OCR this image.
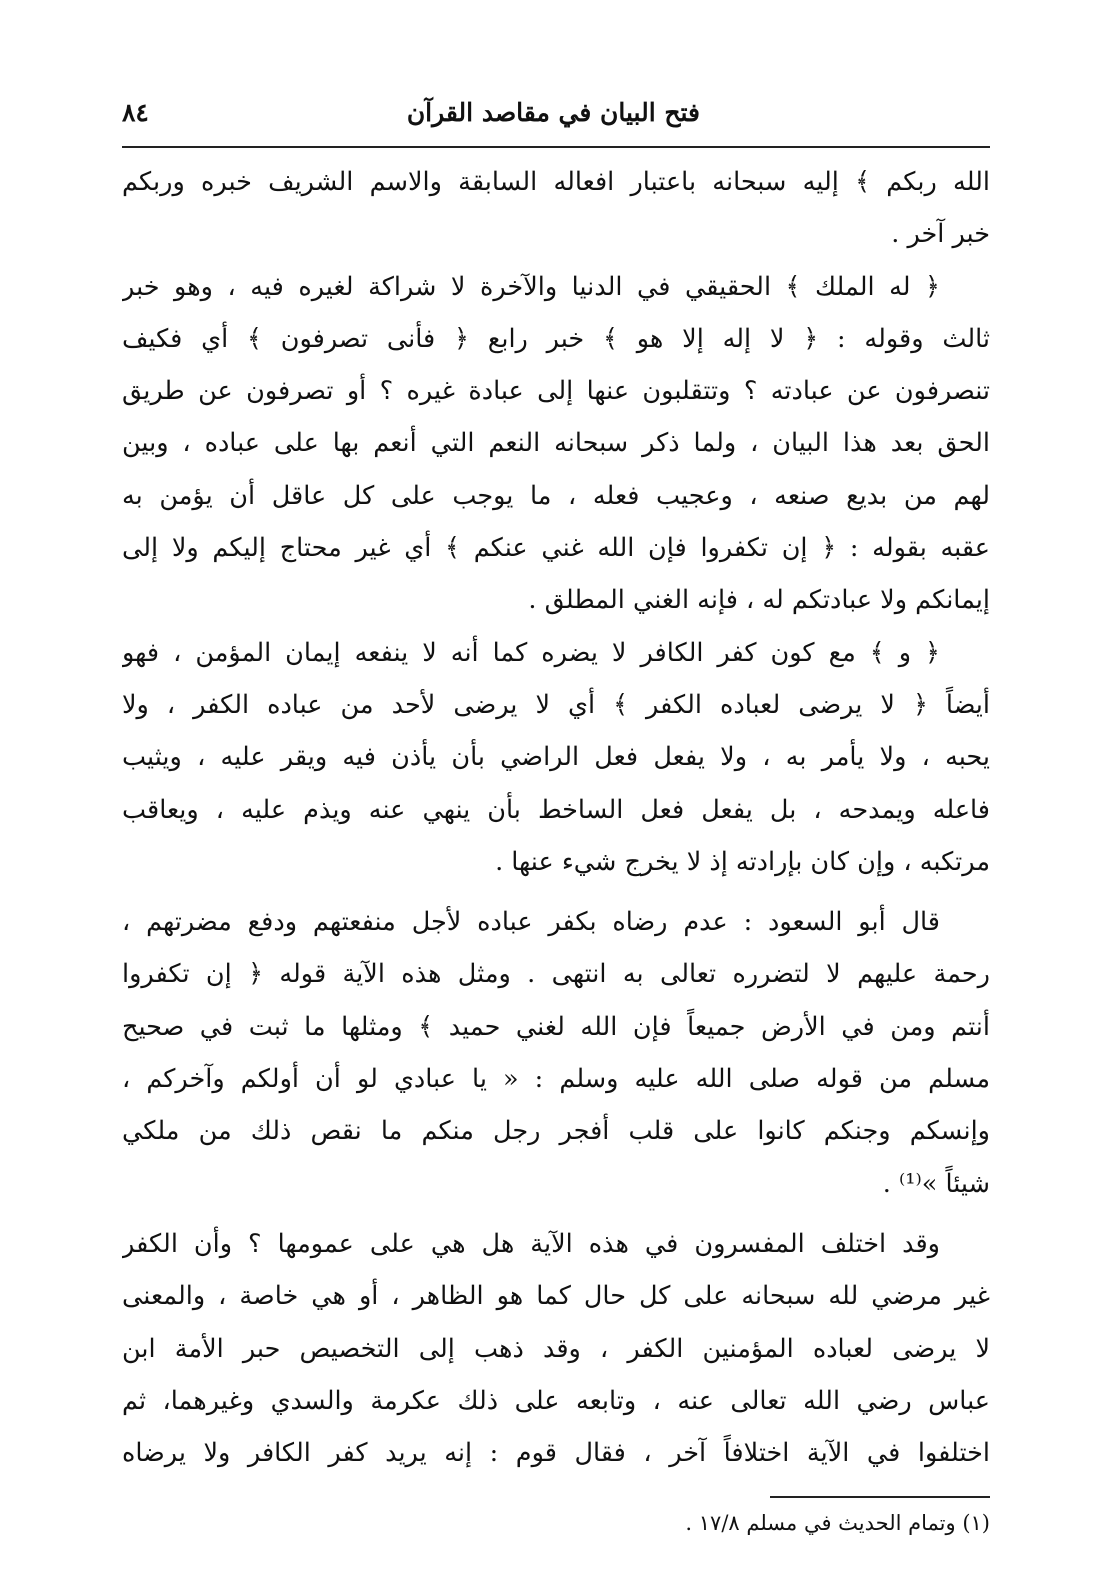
فتح البيان في مقاصد القرآن
٨٤
الله ربكم ﴾ إليه سبحانه باعتبار افعاله السابقة والاسم الشريف خبره وربكم
خبر آخر .
﴿ له الملك ﴾ الحقيقي في الدنيا والآخرة لا شراكة لغيره فيه ، وهو خبر
ثالث وقوله : ﴿ لا إله إلا هو ﴾ خبر رابع ﴿ فأنى تصرفون ﴾ أي فكيف
تنصرفون عن عبادته ؟ وتتقلبون عنها إلى عبادة غيره ؟ أو تصرفون عن طريق
الحق بعد هذا البيان ، ولما ذكر سبحانه النعم التي أنعم بها على عباده ، وبين
لهم من بديع صنعه ، وعجيب فعله ، ما يوجب على كل عاقل أن يؤمن به
عقبه بقوله : ﴿ إن تكفروا فإن الله غني عنكم ﴾ أي غير محتاج إليكم ولا إلى
إيمانكم ولا عبادتكم له ، فإنه الغني المطلق .
﴿ و ﴾ مع كون كفر الكافر لا يضره كما أنه لا ينفعه إيمان المؤمن ، فهو
أيضاً ﴿ لا يرضى لعباده الكفر ﴾ أي لا يرضى لأحد من عباده الكفر ، ولا
يحبه ، ولا يأمر به ، ولا يفعل فعل الراضي بأن يأذن فيه ويقر عليه ، ويثيب
فاعله ويمدحه ، بل يفعل فعل الساخط بأن ينهي عنه ويذم عليه ، ويعاقب
مرتكبه ، وإن كان بإرادته إذ لا يخرج شيء عنها .
قال أبو السعود : عدم رضاه بكفر عباده لأجل منفعتهم ودفع مضرتهم ،
رحمة عليهم لا لتضرره تعالى به انتهى . ومثل هذه الآية قوله ﴿ إن تكفروا
أنتم ومن في الأرض جميعاً فإن الله لغني حميد ﴾ ومثلها ما ثبت في صحيح
مسلم من قوله صلى الله عليه وسلم : « يا عبادي لو أن أولكم وآخركم ،
وإنسكم وجنكم كانوا على قلب أفجر رجل منكم ما نقص ذلك من ملكي
شيئاً »⁽¹⁾ .
وقد اختلف المفسرون في هذه الآية هل هي على عمومها ؟ وأن الكفر
غير مرضي لله سبحانه على كل حال كما هو الظاهر ، أو هي خاصة ، والمعنى
لا يرضى لعباده المؤمنين الكفر ، وقد ذهب إلى التخصيص حبر الأمة ابن
عباس رضي الله تعالى عنه ، وتابعه على ذلك عكرمة والسدي وغيرهما، ثم
اختلفوا في الآية اختلافاً آخر ، فقال قوم : إنه يريد كفر الكافر ولا يرضاه
(١) وتمام الحديث في مسلم ١٧/٨ .
